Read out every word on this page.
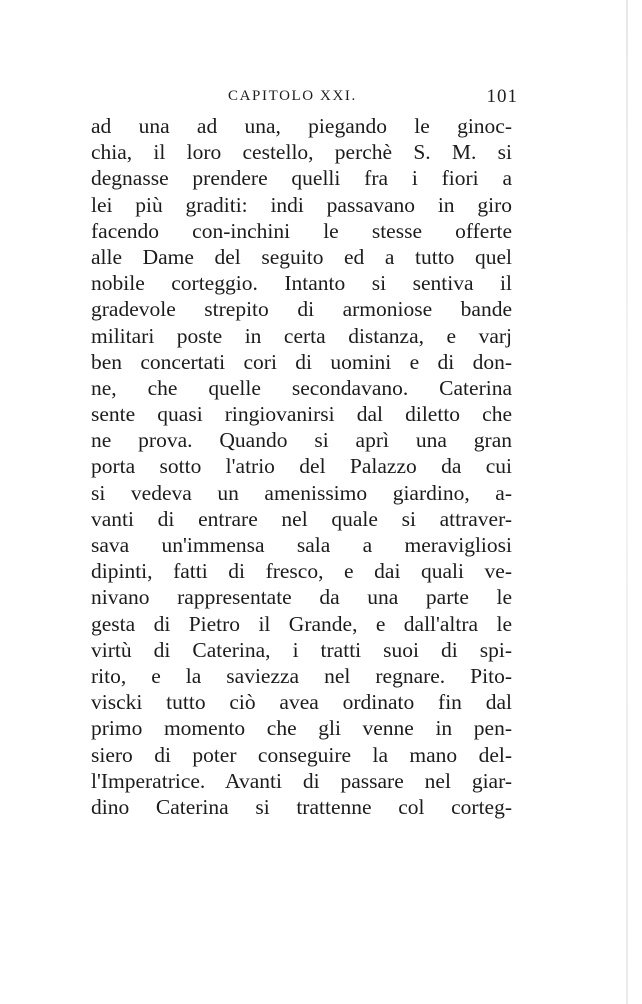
CAPITOLO XXI.	101
ad una ad una, piegando le ginoc-
chia, il loro cestello, perchè S. M. si
degnasse prendere quelli fra i fiori a
lei più graditi: indi passavano in giro
facendo con-inchini le stesse offerte
alle Dame del seguito ed a tutto quel
nobile corteggio. Intanto si sentiva il
gradevole strepito di armoniose bande
militari poste in certa distanza, e varj
ben concertati cori di uomini e di don-
ne, che quelle secondavano. Caterina
sente quasi ringiovanirsi dal diletto che
ne prova. Quando si aprì una gran
porta sotto l'atrio del Palazzo da cui
si vedeva un amenissimo giardino, a-
vanti di entrare nel quale si attraver-
sava un'immensa sala a meravigliosi
dipinti, fatti di fresco, e dai quali ve-
nivano rappresentate da una parte le
gesta di Pietro il Grande, e dall'altra le
virtù di Caterina, i tratti suoi di spi-
rito, e la saviezza nel regnare. Pito-
viscki tutto ciò avea ordinato fin dal
primo momento che gli venne in pen-
siero di poter conseguire la mano del-
l'Imperatrice. Avanti di passare nel giar-
dino Caterina si trattenne col corteg-
